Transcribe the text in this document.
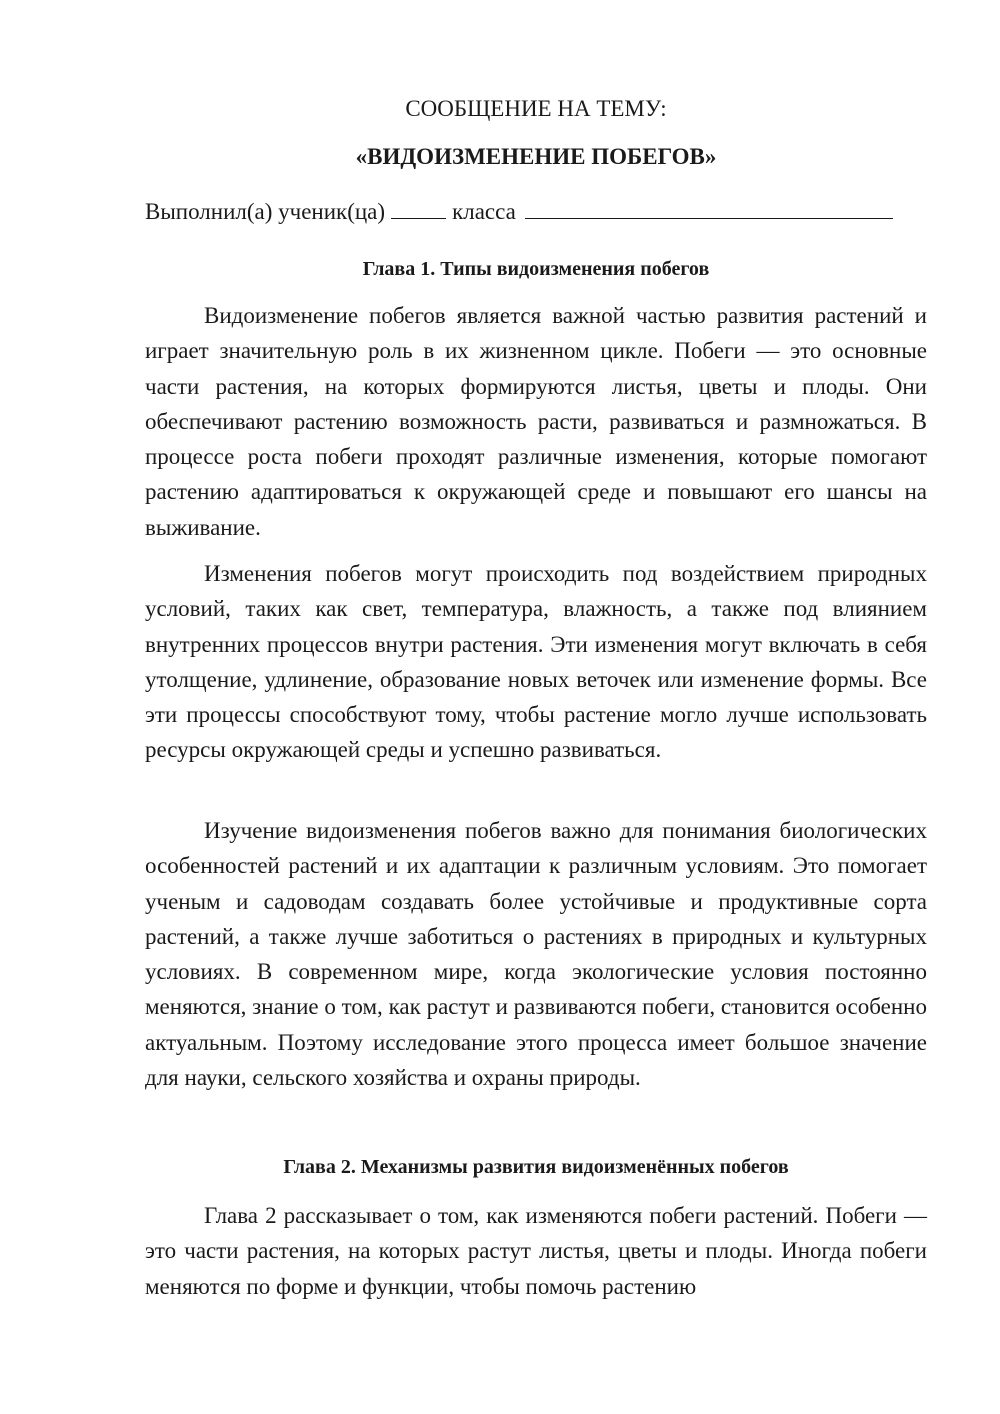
СООБЩЕНИЕ НА ТЕМУ:
«ВИДОИЗМЕНЕНИЕ ПОБЕГОВ»
Выполнил(а) ученик(ца)	класса
Глава 1. Типы видоизменения побегов

Видоизменение побегов является важной частью развития растений и играет значительную роль в их жизненном цикле. Побеги — это основные части растения, на которых формируются листья, цветы и плоды. Они обеспечивают растению возможность расти, развиваться и размножаться. В процессе роста побеги проходят различные изменения, которые помогают растению адаптироваться к окружающей среде и повышают его шансы на выживание.

Изменения побегов могут происходить под воздействием природных условий, таких как свет, температура, влажность, а также под влиянием внутренних процессов внутри растения. Эти изменения могут включать в себя утолщение, удлинение, образование новых веточек или изменение формы. Все эти процессы способствуют тому, чтобы растение могло лучше использовать ресурсы окружающей среды и успешно развиваться.

Изучение видоизменения побегов важно для понимания биологических особенностей растений и их адаптации к различным условиям. Это помогает ученым и садоводам создавать более устойчивые и продуктивные сорта растений, а также лучше заботиться о растениях в природных и культурных условиях. В современном мире, когда экологические условия постоянно меняются, знание о том, как растут и развиваются побеги, становится особенно актуальным. Поэтому исследование этого процесса имеет большое значение для науки, сельского хозяйства и охраны природы.

Глава 2. Механизмы развития видоизменённых побегов

Глава 2 рассказывает о том, как изменяются побеги растений. Побеги — это части растения, на которых растут листья, цветы и плоды. Иногда побеги меняются по форме и функции, чтобы помочь растению
